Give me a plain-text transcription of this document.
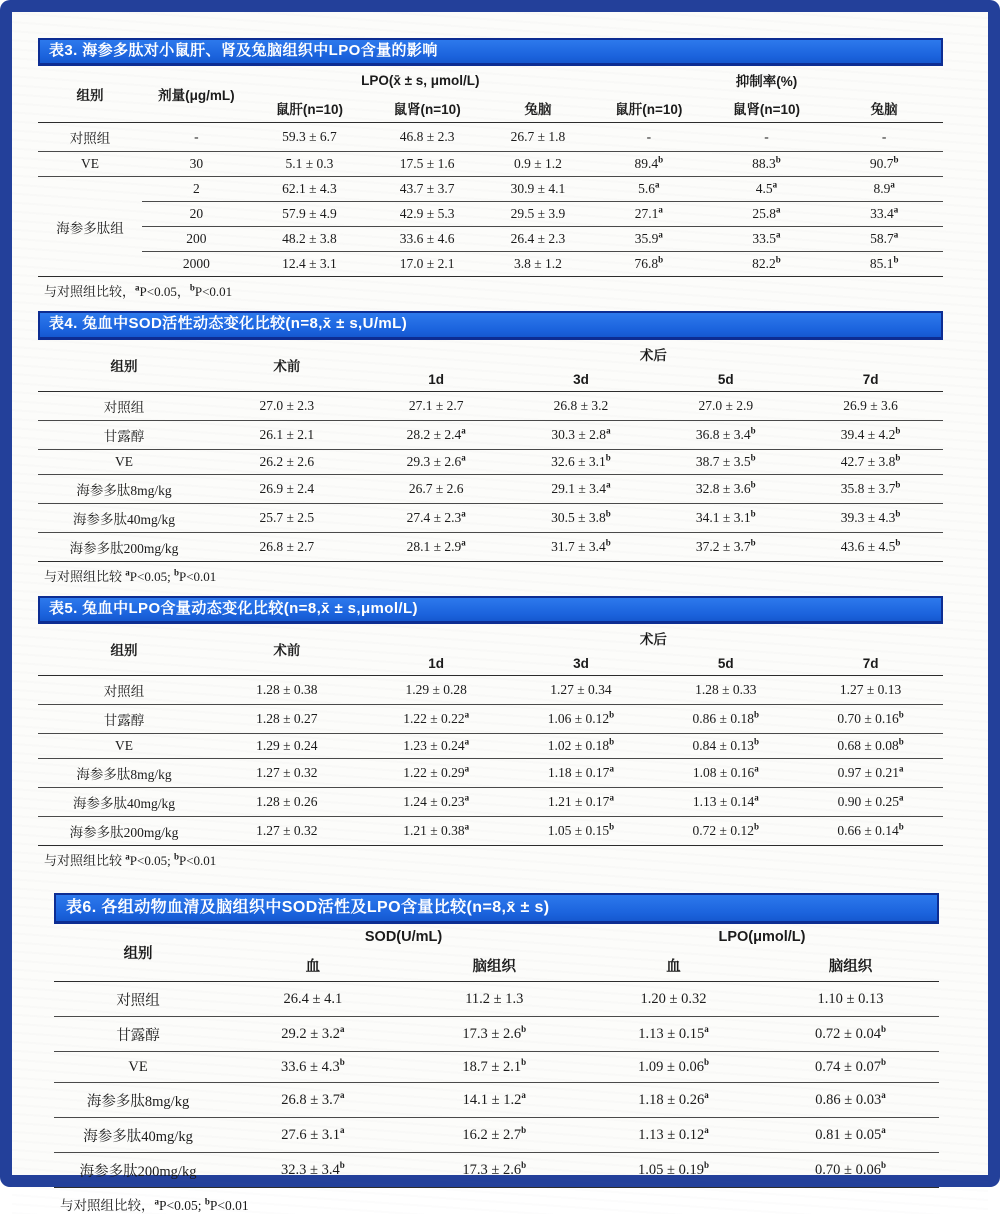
表3. 海参多肽对小鼠肝、肾及兔脑组织中LPO含量的影响
组别	剂量(μg/mL)	LPO(x̄ ± s, μmol/L)			抑制率(%)		
		鼠肝(n=10)	鼠肾(n=10)	兔脑	鼠肝(n=10)	鼠肾(n=10)	兔脑
对照组	-	59.3 ± 6.7	46.8 ± 2.3	26.7 ± 1.8	-	-	-
VE	30	5.1 ± 0.3	17.5 ± 1.6	0.9 ± 1.2	89.4$^b$	88.3$^b$	90.7$^b$
海参多肽组	2	62.1 ± 4.3	43.7 ± 3.7	30.9 ± 4.1	5.6$^a$	4.5$^a$	8.9$^a$
	20	57.9 ± 4.9	42.9 ± 5.3	29.5 ± 3.9	27.1$^a$	25.8$^a$	33.4$^a$
	200	48.2 ± 3.8	33.6 ± 4.6	26.4 ± 2.3	35.9$^a$	33.5$^a$	58.7$^a$
	2000	12.4 ± 3.1	17.0 ± 2.1	3.8 ± 1.2	76.8$^b$	82.2$^b$	85.1$^b$
与对照组比较，$^a$P<0.05，$^b$P<0.01
表4. 兔血中SOD活性动态变化比较(n=8,x̄ ± s,U/mL)
组别	术前	术后			
		1d	3d	5d	7d
对照组	27.0 ± 2.3	27.1 ± 2.7	26.8 ± 3.2	27.0 ± 2.9	26.9 ± 3.6
甘露醇	26.1 ± 2.1	28.2 ± 2.4$^a$	30.3 ± 2.8$^a$	36.8 ± 3.4$^b$	39.4 ± 4.2$^b$
VE	26.2 ± 2.6	29.3 ± 2.6$^a$	32.6 ± 3.1$^b$	38.7 ± 3.5$^b$	42.7 ± 3.8$^b$
海参多肽8mg/kg	26.9 ± 2.4	26.7 ± 2.6	29.1 ± 3.4$^a$	32.8 ± 3.6$^b$	35.8 ± 3.7$^b$
海参多肽40mg/kg	25.7 ± 2.5	27.4 ± 2.3$^a$	30.5 ± 3.8$^b$	34.1 ± 3.1$^b$	39.3 ± 4.3$^b$
海参多肽200mg/kg	26.8 ± 2.7	28.1 ± 2.9$^a$	31.7 ± 3.4$^b$	37.2 ± 3.7$^b$	43.6 ± 4.5$^b$
与对照组比较 $^a$P<0.05; $^b$P<0.01
表5. 兔血中LPO含量动态变化比较(n=8,x̄ ± s,μmol/L)
组别	术前	术后			
		1d	3d	5d	7d
对照组	1.28 ± 0.38	1.29 ± 0.28	1.27 ± 0.34	1.28 ± 0.33	1.27 ± 0.13
甘露醇	1.28 ± 0.27	1.22 ± 0.22$^a$	1.06 ± 0.12$^b$	0.86 ± 0.18$^b$	0.70 ± 0.16$^b$
VE	1.29 ± 0.24	1.23 ± 0.24$^a$	1.02 ± 0.18$^b$	0.84 ± 0.13$^b$	0.68 ± 0.08$^b$
海参多肽8mg/kg	1.27 ± 0.32	1.22 ± 0.29$^a$	1.18 ± 0.17$^a$	1.08 ± 0.16$^a$	0.97 ± 0.21$^a$
海参多肽40mg/kg	1.28 ± 0.26	1.24 ± 0.23$^a$	1.21 ± 0.17$^a$	1.13 ± 0.14$^a$	0.90 ± 0.25$^a$
海参多肽200mg/kg	1.27 ± 0.32	1.21 ± 0.38$^a$	1.05 ± 0.15$^b$	0.72 ± 0.12$^b$	0.66 ± 0.14$^b$
与对照组比较 $^a$P<0.05; $^b$P<0.01
表6. 各组动物血清及脑组织中SOD活性及LPO含量比较(n=8,x̄ ± s)
组别	SOD(U/mL)		LPO(μmol/L)	
	血	脑组织	血	脑组织
对照组	26.4 ± 4.1	11.2 ± 1.3	1.20 ± 0.32	1.10 ± 0.13
甘露醇	29.2 ± 3.2$^a$	17.3 ± 2.6$^b$	1.13 ± 0.15$^a$	0.72 ± 0.04$^b$
VE	33.6 ± 4.3$^b$	18.7 ± 2.1$^b$	1.09 ± 0.06$^b$	0.74 ± 0.07$^b$
海参多肽8mg/kg	26.8 ± 3.7$^a$	14.1 ± 1.2$^a$	1.18 ± 0.26$^a$	0.86 ± 0.03$^a$
海参多肽40mg/kg	27.6 ± 3.1$^a$	16.2 ± 2.7$^b$	1.13 ± 0.12$^a$	0.81 ± 0.05$^a$
海参多肽200mg/kg	32.3 ± 3.4$^b$	17.3 ± 2.6$^b$	1.05 ± 0.19$^b$	0.70 ± 0.06$^b$
与对照组比较，$^a$P<0.05; $^b$P<0.01
